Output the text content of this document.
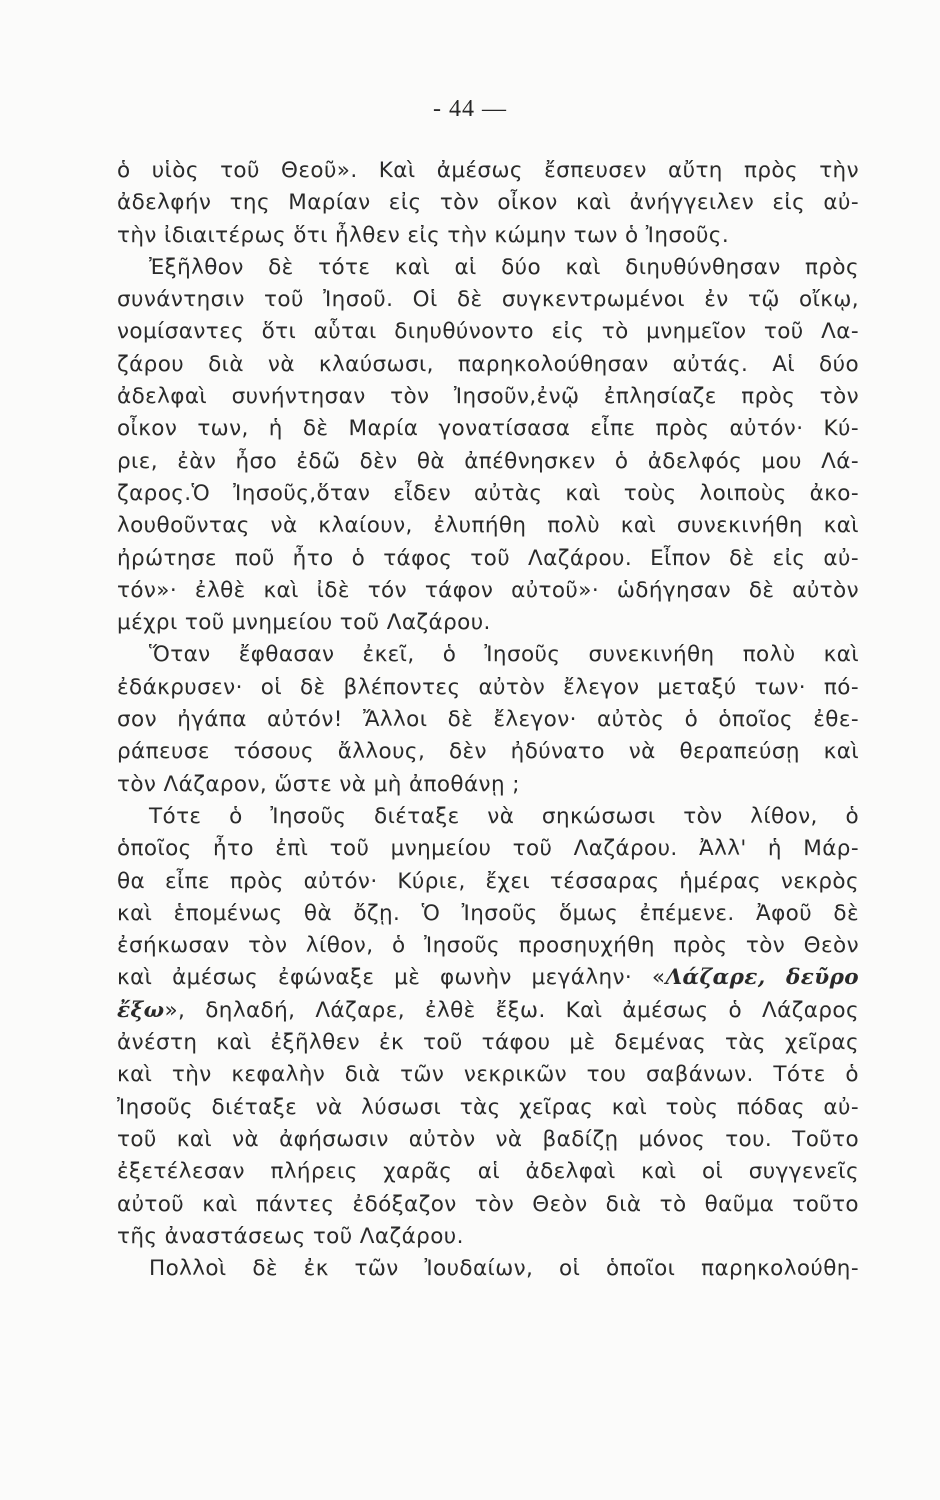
- 44 —
ὁ υἱὸς τοῦ Θεοῦ». Καὶ ἀμέσως ἔσπευσεν αὔτη πρὸς τὴν
ἀδελφήν της Μαρίαν εἰς τὸν οἶκον καὶ ἀνήγγειλεν εἰς αὐ-
τὴν ἰδιαιτέρως ὅτι ἦλθεν εἰς τὴν κώμην των ὁ Ἰησοῦς.
Ἐξῆλθον δὲ τότε καὶ αἱ δύο καὶ διηυθύνθησαν πρὸς
συνάντησιν τοῦ Ἰησοῦ. Οἱ δὲ συγκεντρωμένοι ἐν τῷ οἴκῳ,
νομίσαντες ὅτι αὗται διηυθύνοντο εἰς τὸ μνημεῖον τοῦ Λα-
ζάρου διὰ νὰ κλαύσωσι, παρηκολούθησαν αὐτάς. Αἱ δύο
ἀδελφαὶ συνήντησαν τὸν Ἰησοῦν,ἐνῷ ἐπλησίαζε πρὸς τὸν
οἶκον των, ἡ δὲ Μαρία γονατίσασα εἶπε πρὸς αὐτόν· Κύ-
ριε, ἐὰν ἦσο ἐδῶ δὲν θὰ ἀπέθνησκεν ὁ ἀδελφός μου Λά-
ζαρος.Ὁ Ἰησοῦς,ὅταν εἶδεν αὐτὰς καὶ τοὺς λοιποὺς ἀκο-
λουθοῦντας νὰ κλαίουν, ἐλυπήθη πολὺ καὶ συνεκινήθη καὶ
ἠρώτησε ποῦ ἦτο ὁ τάφος τοῦ Λαζάρου. Εἶπον δὲ εἰς αὐ-
τόν»· ἐλθὲ καὶ ἰδὲ τόν τάφον αὐτοῦ»· ὡδήγησαν δὲ αὐτὸν
μέχρι τοῦ μνημείου τοῦ Λαζάρου.
Ὅταν ἔφθασαν ἐκεῖ, ὁ Ἰησοῦς συνεκινήθη πολὺ καὶ
ἐδάκρυσεν· οἱ δὲ βλέποντες αὐτὸν ἔλεγον μεταξύ των· πό-
σον ἠγάπα αὐτόν! Ἄλλοι δὲ ἔλεγον· αὐτὸς ὁ ὁποῖος ἐθε-
ράπευσε τόσους ἄλλους, δὲν ἠδύνατο νὰ θεραπεύσῃ καὶ
τὸν Λάζαρον, ὥστε νὰ μὴ ἀποθάνῃ ;
Τότε ὁ Ἰησοῦς διέταξε νὰ σηκώσωσι τὸν λίθον, ὁ
ὁποῖος ἦτο ἐπὶ τοῦ μνημείου τοῦ Λαζάρου. Ἀλλ' ἡ Μάρ-
θα εἶπε πρὸς αὐτόν· Κύριε, ἔχει τέσσαρας ἡμέρας νεκρὸς
καὶ ἑπομένως θὰ ὄζῃ. Ὁ Ἰησοῦς ὅμως ἐπέμενε. Ἀφοῦ δὲ
ἐσήκωσαν τὸν λίθον, ὁ Ἰησοῦς προσηυχήθη πρὸς τὸν Θεὸν
καὶ ἀμέσως ἐφώναξε μὲ φωνὴν μεγάλην· «Λάζαρε, δεῦρο
ἔξω», δηλαδή, Λάζαρε, ἐλθὲ ἔξω. Καὶ ἀμέσως ὁ Λάζαρος
ἀνέστη καὶ ἐξῆλθεν ἐκ τοῦ τάφου μὲ δεμένας τὰς χεῖρας
καὶ τὴν κεφαλὴν διὰ τῶν νεκρικῶν του σαβάνων. Τότε ὁ
Ἰησοῦς διέταξε νὰ λύσωσι τὰς χεῖρας καὶ τοὺς πόδας αὐ-
τοῦ καὶ νὰ ἀφήσωσιν αὐτὸν νὰ βαδίζῃ μόνος του. Τοῦτο
ἐξετέλεσαν πλήρεις χαρᾶς αἱ ἀδελφαὶ καὶ οἱ συγγενεῖς
αὐτοῦ καὶ πάντες ἐδόξαζον τὸν Θεὸν διὰ τὸ θαῦμα τοῦτο
τῆς ἀναστάσεως τοῦ Λαζάρου.
Πολλοὶ δὲ ἐκ τῶν Ἰουδαίων, οἱ ὁποῖοι παρηκολούθη-
